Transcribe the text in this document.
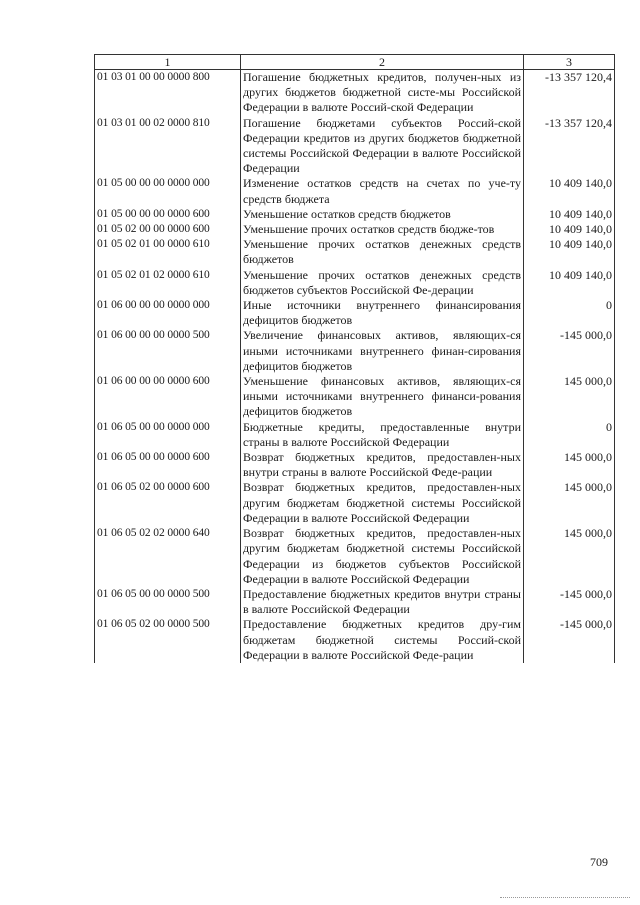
1	2	3
01 03 01 00 00 0000 800	Погашение бюджетных кредитов, получен-ных из других бюджетов бюджетной систе-мы Российской Федерации в валюте Россий-ской Федерации	-13 357 120,4
01 03 01 00 02 0000 810	Погашение бюджетами субъектов Россий-ской Федерации кредитов из других бюджетов бюджетной системы Российской Федерации в валюте Российской Федерации	-13 357 120,4
01 05 00 00 00 0000 000	Изменение остатков средств на счетах по уче-ту средств бюджета	10 409 140,0
01 05 00 00 00 0000 600	Уменьшение остатков средств бюджетов	10 409 140,0
01 05 02 00 00 0000 600	Уменьшение прочих остатков средств бюдже-тов	10 409 140,0
01 05 02 01 00 0000 610	Уменьшение прочих остатков денежных средств бюджетов	10 409 140,0
01 05 02 01 02 0000 610	Уменьшение прочих остатков денежных средств бюджетов субъектов Российской Фе-дерации	10 409 140,0
01 06 00 00 00 0000 000	Иные источники внутреннего финансирования дефицитов бюджетов	0
01 06 00 00 00 0000 500	Увеличение финансовых активов, являющих-ся иными источниками внутреннего финан-сирования дефицитов бюджетов	-145 000,0
01 06 00 00 00 0000 600	Уменьшение финансовых активов, являющих-ся иными источниками внутреннего финанси-рования дефицитов бюджетов	145 000,0
01 06 05 00 00 0000 000	Бюджетные кредиты, предоставленные внутри страны в валюте Российской Федерации	0
01 06 05 00 00 0000 600	Возврат бюджетных кредитов, предоставлен-ных внутри страны в валюте Российской Феде-рации	145 000,0
01 06 05 02 00 0000 600	Возврат бюджетных кредитов, предоставлен-ных другим бюджетам бюджетной системы Российской Федерации в валюте Российской Федерации	145 000,0
01 06 05 02 02 0000 640	Возврат бюджетных кредитов, предоставлен-ных другим бюджетам бюджетной системы Российской Федерации из бюджетов субъектов Российской Федерации в валюте Российской Федерации	145 000,0
01 06 05 00 00 0000 500	Предоставление бюджетных кредитов внутри страны в валюте Российской Федерации	-145 000,0
01 06 05 02 00 0000 500	Предоставление бюджетных кредитов дру-гим бюджетам бюджетной системы Россий-ской Федерации в валюте Российской Феде-рации	-145 000,0
709
